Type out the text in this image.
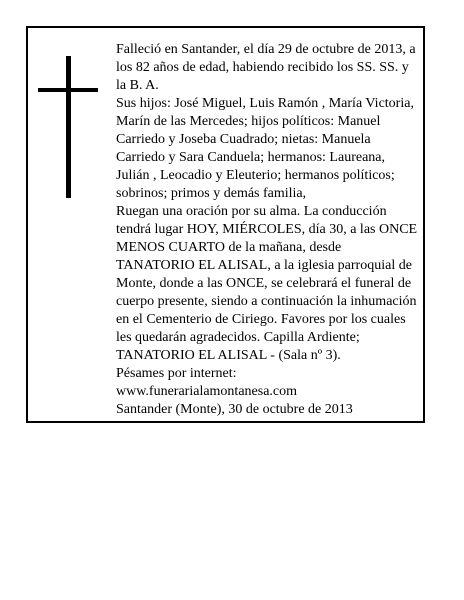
Falleció en Santander, el día 29 de octubre de 2013, a los 82 años de edad, habiendo recibido los SS. SS. y la B. A.

Sus hijos: José Miguel, Luis Ramón , María Victoria, Marín de las Mercedes; hijos políticos: Manuel Carriedo y Joseba Cuadrado; nietas: Manuela Carriedo y Sara Canduela; hermanos: Laureana, Julián , Leocadio y Eleuterio; hermanos políticos; sobrinos; primos y demás familia,

Ruegan una oración por su alma. La conducción tendrá lugar HOY, MIÉRCOLES, día 30, a las ONCE MENOS CUARTO de la mañana, desde TANATORIO EL ALISAL, a la iglesia parroquial de Monte, donde a las ONCE, se celebrará el funeral de cuerpo presente, siendo a continuación la inhumación en el Cementerio de Ciriego. Favores por los cuales les quedarán agradecidos. Capilla Ardiente; TANATORIO EL ALISAL - (Sala nº 3).

Pésames por internet: www.funerarialamontanesa.com

Santander (Monte), 30 de octubre de 2013
